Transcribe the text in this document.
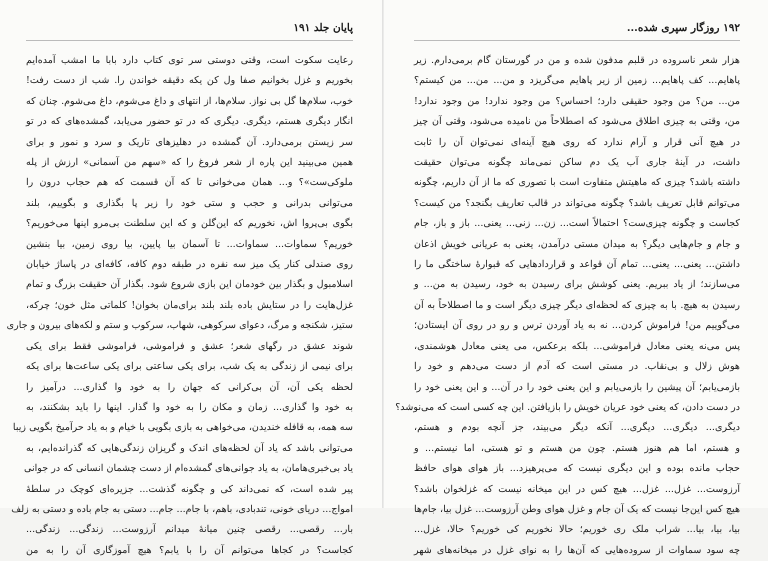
پایان جلد ۱۹۱
رعایت سکوت است، وقتی دوستی سر توی کتاب دارد بابا ما امشب آمده‌ایم
بخوریم و غزل بخوانیم صفا ول کن یکه دقیقه خواندن را. شب از دست رفت!
خوب، سلام‌ها گل بی نواز. سلام‌ها، از انتهای و داغ می‌شوم، داغ می‌شوم. چنان که
انگار دیگری هستم، دیگری. دیگری که در تو حضور می‌یابد، گمشده‌های که در تو
سر زیستن برمی‌دارد. آن گمشده در دهلیزهای تاریک و سرد و نمور و برای
همین می‌بینید این پاره از شعر فروغ را که «سهم من آسمانی» ارزش از پله‌
ملوکی‌ست»؟ و... همان می‌خوانی تا که آن قسمت که هم حجاب درون را
می‌توانی بدرانی و حجب و ستی خود را زیر پا بگذاری و بگوییم، بلند
بگوی بی‌پروا اش، نخوریم که این‌گلن و که این سلطنت بی‌مرو اینها می‌خوریم؟
خوریم؟ سماوات... سماوات... تا آسمان بیا پایین، بیا روی زمین، بیا بنشین
روی صندلی کنار یک میز سه نفره در طبقه دوم کافه، کافه‌ای در پاساژ خیابان
اسلامبول و بگذار بین خودمان این بازی شروع شود. بگذار آن حقیقت بزرگ و تمام
غزل‌هایت را در ستایش باده بلند بلند برای‌مان بخوان! کلماتی مثل خون؛ چرکه،
ستیز، شکنجه و مرگ، دعوای سرکوهی، شهاب، سرکوب و ستم و لکه‌های بیرون و جاری
شوند عشق در رگهای شعر؛ عشق و فراموشی، فراموشی فقط برای یکی
برای نیمی از زندگی به یک شب، برای یکی ساعتی برای یکی ساعت‌ها برای یکه
لحظه یکی آن، آن بی‌کرانی که جهان را به خود وا گذاری... درآمیز را
به خود وا گذاری... زمان و مکان را به خود وا گذار. اینها را باید بشکنند، به
سه همه، به قافله خندیدن، می‌خواهی به بازی بگویی با خیام و به یاد حرآمیخ بگویی زیبا
می‌توانی باشد که یاد آن لحظه‌های اندک و گریزان زندگی‌هایی که گذرانده‌ایم، به
یاد بی‌خبری‌هامان، به یاد جوانی‌های گمشده‌ام از دست چشمان انسانی که در جوانی
پیر شده است، که نمی‌داند کی و چگونه گذشت... جزیره‌ای کوچک در سلطهٔ
امواج... دریای خونی، تندبادی، با‌هم، با جام... جام... دستی به جام باده و دستی به زلف
بار... رقصی... رقصی چنین میانهٔ میدانم آرزوست... زندگی... زندگی...
کجاست؟ در کجاها می‌توانم آن را با یابم؟ هیچ آموزگاری آن را به من
۱۹۲ روزگار سپری شده...
هزار شعر ناسروده در قلبم مدفون شده و من در گورستان گام برمی‌دارم. زیر
پاهایم... کف پاهایم... زمین از زیر پاهایم می‌گریزد و من... من... من کیستم؟
من... من؟ من وجود حقیقی دارد؛ احساس؟ من وجود ندارد! من وجود ندارد!
من، وقتی به چیزی اطلاق می‌شود که اصطلاحاً من نامیده می‌شود، وقتی آن چیز
در هیچ آنی قرار و آرام ندارد که روی هیچ آینه‌ای نمی‌توان آن را ثابت
داشت، در آینهٔ جاری آب یک دم ساکن نمی‌ماند چگونه می‌توان حقیقت
داشته باشد؟ چیزی که ماهیتش متفاوت است با تصوری که ما از آن داریم، چگونه
می‌توانم قابل تعریف باشد؟ چگونه می‌تواند در قالب تعاریف بگنجد؟ من کیست؟
کجاست و چگونه چیزی‌ست؟ احتمالاً است... زن... زنی... یعنی... باز و باز، جام
و جام و جام‌هایی دیگر؟ به میدان مستی درآمدن، یعنی به عریانی خویش اذعان
داشتن... یعنی... یعنی... تمام آن قواعد و قراردادهایی که قبوارهٔ ساختگی ما را
می‌سازند؛ از یاد ببریم. یعنی کوشش برای رسیدن به خود، رسیدن به من... و
رسیدن به هیچ. با به چیزی که لحظه‌ای دیگر چیزی دیگر است و ما اصطلاحاً به آن
می‌گوییم من! فراموش کردن... نه به یاد آوردن ترس و رو در روی آن ایستادن؛
پس می‌نه یعنی معادل فراموشی... بلکه برعکس، می یعنی معادل هوشمندی،
هوش زلال و بی‌نقاب. در مستی است که آدم از دست می‌دهم و خود را
بازمی‌یابم؛ آن پیشین را بازمی‌یابم و این یعنی خود را در آن... و این یعنی خود را
در دست دادن، که یعنی خود عریان خویش را بازیافتن. این چه کسی است که می‌نوشد؟
دیگری... دیگری... دیگری... آنکه دیگر می‌بیند، جز آنچه بودم و هستم،
و هستم، اما هم هنوز هستم. چون من هستم و تو هستی، اما نیستم... و
حجاب مانده بوده و این دیگری نیست که می‌پرهیزد... باز هوای هوای حافظ
آرزوست... غزل... غزل... هیچ کس در این میخانه نیست که غزلخوان باشد؟
هیچ کس این‌جا نیست که یک آن جام و غزل هوای وطن آرزوست... غزل بیا، جام‌ها
بیا، بیا، بیا... شراب ملک ری خوریم؛ حالا نخوریم کی خوریم؟ حالا، غزل...
چه سود سماوات از سروده‌هایی که آن‌ها را به نوای غزل در میخانه‌های شهر
